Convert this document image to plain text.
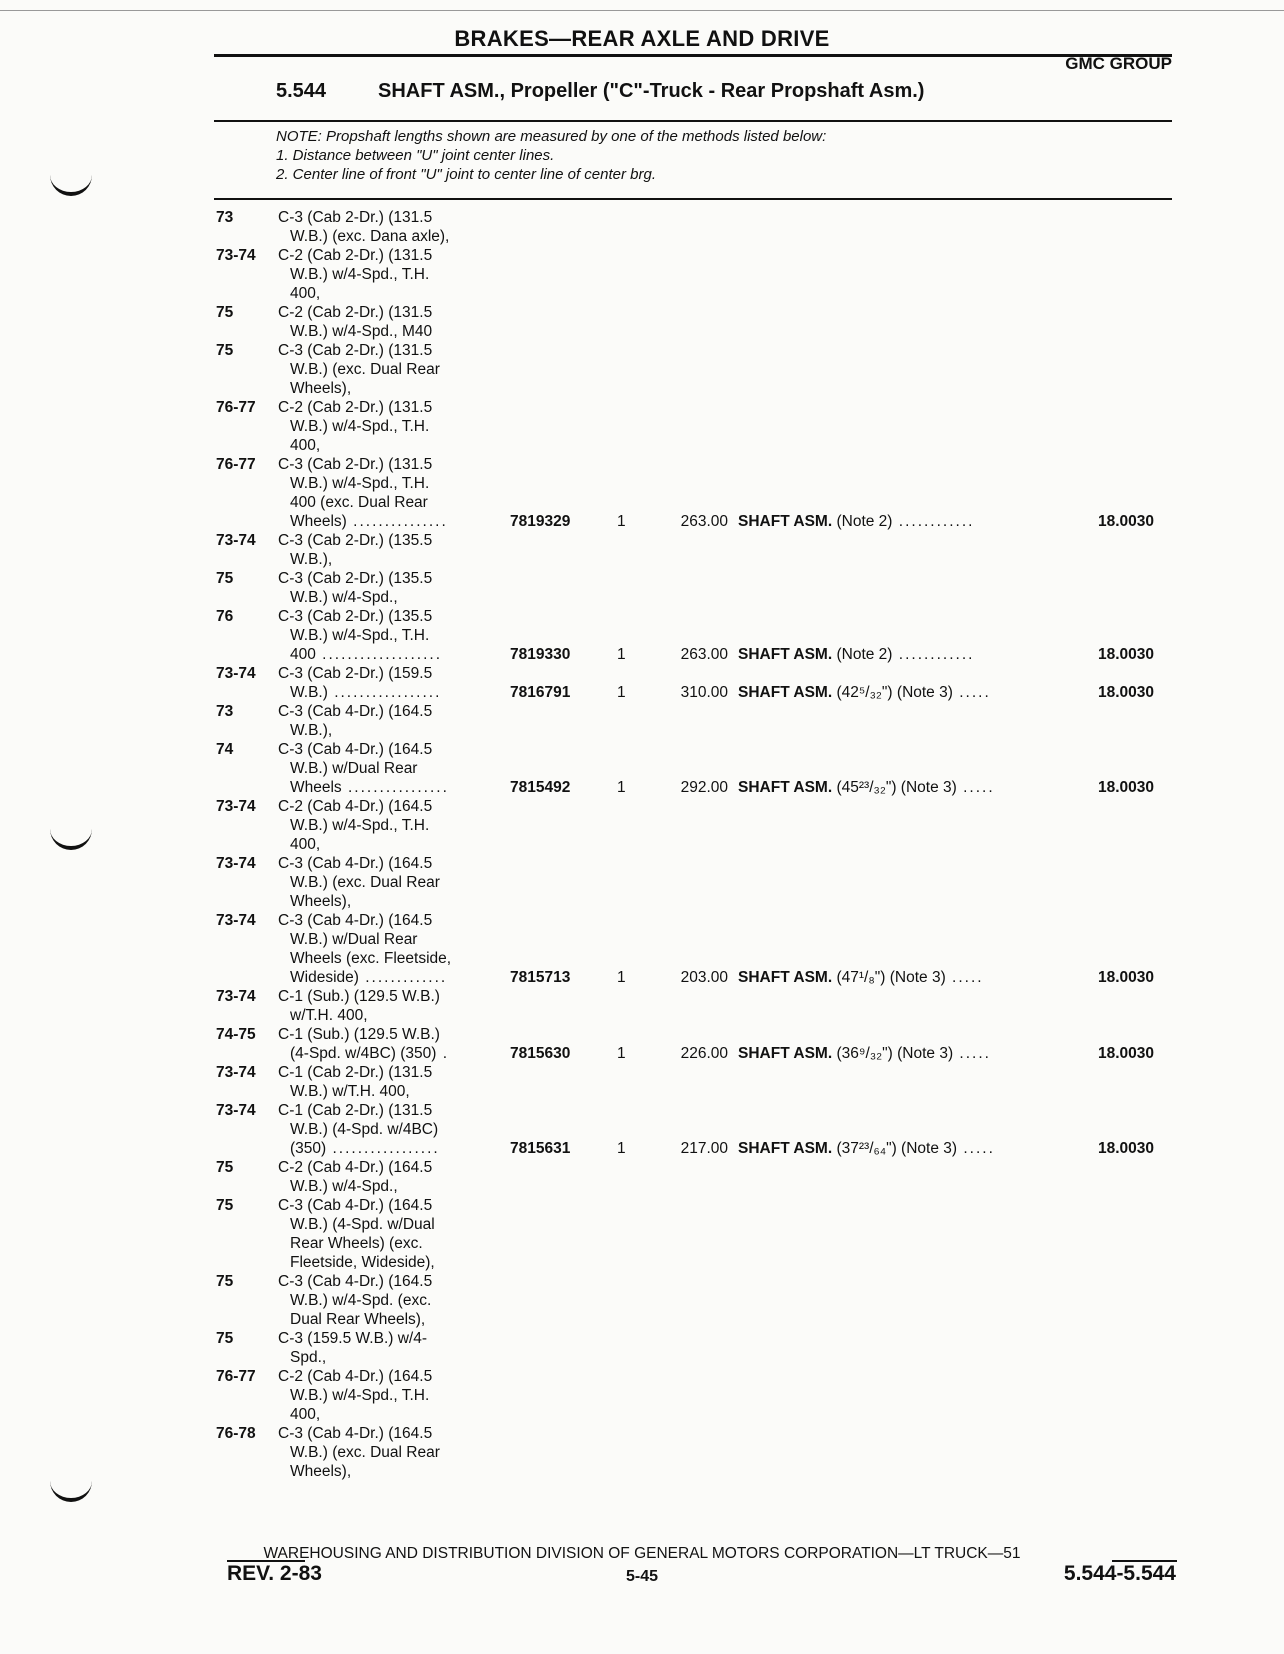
BRAKES—REAR AXLE AND DRIVE
GMC GROUP
5.544	SHAFT ASM., Propeller ("C"-Truck - Rear Propshaft Asm.)
NOTE: Propshaft lengths shown are measured by one of the methods listed below:
1. Distance between "U" joint center lines.
2. Center line of front "U" joint to center line of center brg.
73	C-3 (Cab 2-Dr.) (131.5
W.B.) (exc. Dana axle),
73-74 C-2 (Cab 2-Dr.) (131.5
W.B.) w/4-Spd., T.H.
400,
75	C-2 (Cab 2-Dr.) (131.5
W.B.) w/4-Spd., M40
75	C-3 (Cab 2-Dr.) (131.5
W.B.) (exc. Dual Rear
Wheels),
76-77 C-2 (Cab 2-Dr.) (131.5
W.B.) w/4-Spd., T.H.
400,
76-77 C-3 (Cab 2-Dr.) (131.5
W.B.) w/4-Spd., T.H.
400 (exc. Dual Rear
Wheels) ...............	7819329	1	263.00 SHAFT ASM. (Note 2) ............	18.0030
73-74 C-3 (Cab 2-Dr.) (135.5
W.B.),
75	C-3 (Cab 2-Dr.) (135.5
W.B.) w/4-Spd.,
76	C-3 (Cab 2-Dr.) (135.5
W.B.) w/4-Spd., T.H.
400 ...................	7819330	1	263.00 SHAFT ASM. (Note 2) ............	18.0030
73-74 C-3 (Cab 2-Dr.) (159.5
W.B.) .................	7816791	1	310.00 SHAFT ASM. (42⁵/₃₂") (Note 3) .....	18.0030
73	C-3 (Cab 4-Dr.) (164.5
W.B.),
74	C-3 (Cab 4-Dr.) (164.5
W.B.) w/Dual Rear
Wheels ................	7815492	1	292.00 SHAFT ASM. (45²³/₃₂") (Note 3) .....	18.0030
73-74 C-2 (Cab 4-Dr.) (164.5
W.B.) w/4-Spd., T.H.
400,
73-74 C-3 (Cab 4-Dr.) (164.5
W.B.) (exc. Dual Rear
Wheels),
73-74 C-3 (Cab 4-Dr.) (164.5
W.B.) w/Dual Rear
Wheels (exc. Fleetside,
Wideside) .............	7815713	1	203.00 SHAFT ASM. (47¹/₈") (Note 3) .....	18.0030
73-74 C-1 (Sub.) (129.5 W.B.)
w/T.H. 400,
74-75 C-1 (Sub.) (129.5 W.B.)
(4-Spd. w/4BC) (350) .	7815630	1	226.00 SHAFT ASM. (36⁹/₃₂") (Note 3) .....	18.0030
73-74 C-1 (Cab 2-Dr.) (131.5
W.B.) w/T.H. 400,
73-74 C-1 (Cab 2-Dr.) (131.5
W.B.) (4-Spd. w/4BC)
(350) .................	7815631	1	217.00 SHAFT ASM. (37²³/₆₄") (Note 3) .....	18.0030
75	C-2 (Cab 4-Dr.) (164.5
W.B.) w/4-Spd.,
75	C-3 (Cab 4-Dr.) (164.5
W.B.) (4-Spd. w/Dual
Rear Wheels) (exc.
Fleetside, Wideside),
75	C-3 (Cab 4-Dr.) (164.5
W.B.) w/4-Spd. (exc.
Dual Rear Wheels),
75	C-3 (159.5 W.B.) w/4-
Spd.,
76-77 C-2 (Cab 4-Dr.) (164.5
W.B.) w/4-Spd., T.H.
400,
76-78 C-3 (Cab 4-Dr.) (164.5
W.B.) (exc. Dual Rear
Wheels),
WAREHOUSING AND DISTRIBUTION DIVISION OF GENERAL MOTORS CORPORATION—LT TRUCK—51
REV. 2-83	5-45	5.544-5.544
